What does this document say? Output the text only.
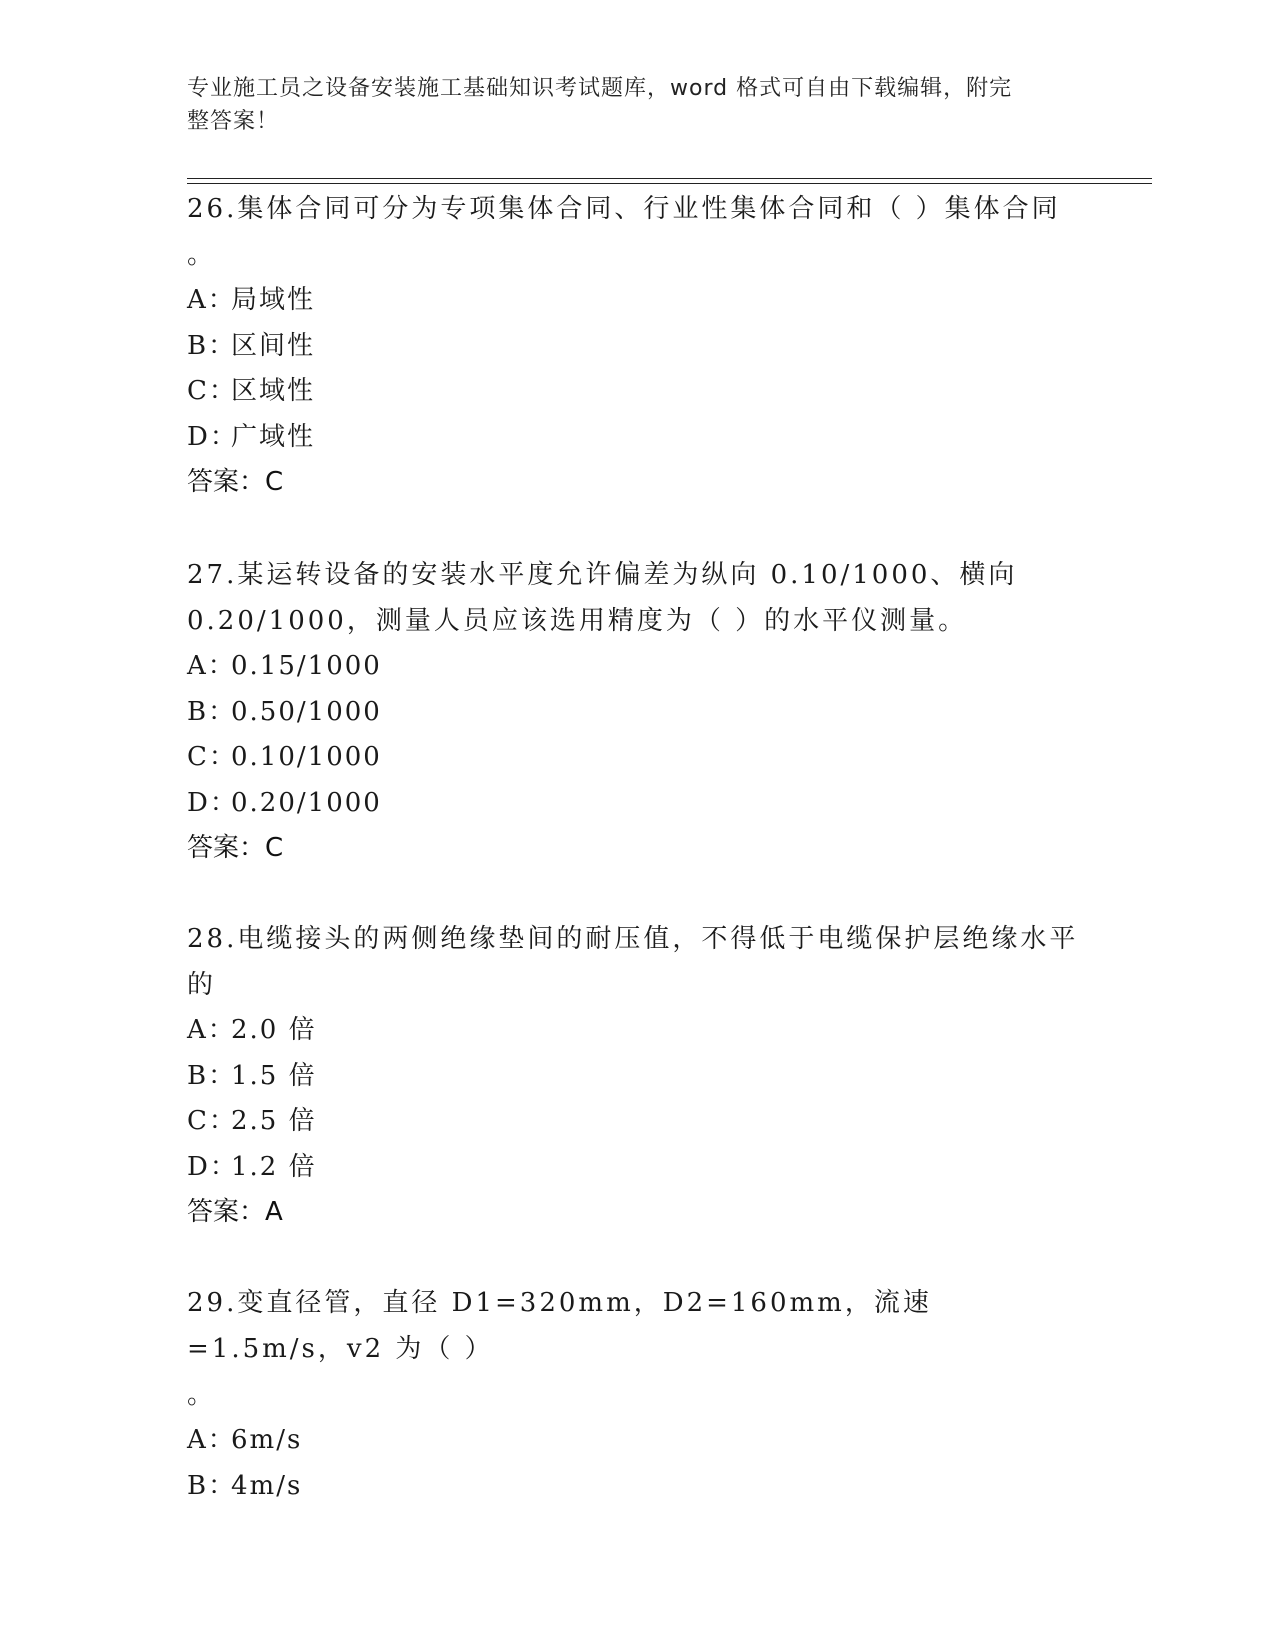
专业施工员之设备安装施工基础知识考试题库，word 格式可自由下载编辑，附完
整答案！

26.集体合同可分为专项集体合同、行业性集体合同和（ ）集体合同

。

A：局域性

B：区间性

C：区域性

D：广域性

答案：C

27.某运转设备的安装水平度允许偏差为纵向 0.10/1000、横向

0.20/1000，测量人员应该选用精度为（ ）的水平仪测量。

A：0.15/1000

B：0.50/1000

C：0.10/1000

D：0.20/1000

答案：C

28.电缆接头的两侧绝缘垫间的耐压值，不得低于电缆保护层绝缘水平

的

A：2.0 倍

B：1.5 倍

C：2.5 倍

D：1.2 倍

答案：A

29.变直径管，直径 D1=320mm，D2=160mm，流速=1.5m/s，v2 为（ ）

。

A：6m/s

B：4m/s
